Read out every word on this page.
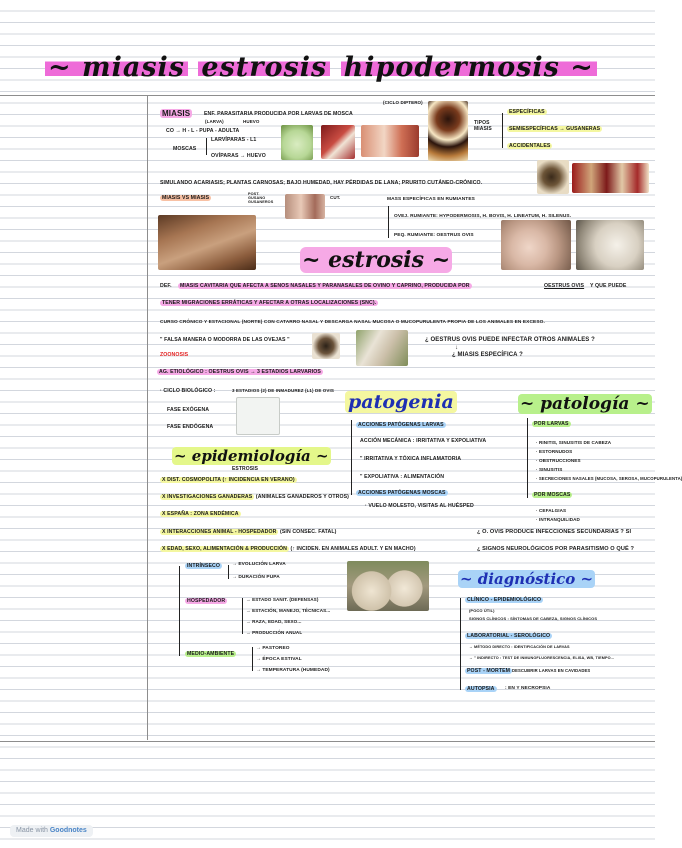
~ miasis estrosis hipodermosis ~
MIASIS	ENF. PARASITARIA PRODUCIDA POR LARVAS DE MOSCA
(LARVA)	HUEVO
(CICLO DIPTERO)
CO → H - L - PUPA - ADULTA
MOSCAS
LARVÍPARAS - L1
OVÍPARAS → HUEVO
TIPOS
MIASIS
ESPECÍFICAS
SEMIESPECÍFICAS → GUSANERAS
ACCIDENTALES
SIMULANDO ACARIASIS; PLANTAS CARNOSAS; BAJO HUMEDAD, HAY PÉRDIDAS DE LANA; PRURITO CUTÁNEO-CRÓNICO.
MIASIS VS MIASIS
POST.
GUSANO
GUSANEROS
CUT.	MASS ESPECÍFICAS EN RUMIANTES
OVEJ. RUMIANTE: HYPODERMOSIS, H. BOVIS, H. LINEATUM, H. SILENUS.
PEQ. RUMIANTE: OESTRUS OVIS
~ estrosis ~
DEF.	MIASIS CAVITARIA QUE AFECTA A SENOS NASALES Y PARANASALES DE OVINO Y CAPRINO, PRODUCIDA POR	OESTRUS OVIS Y QUE PUEDE
TENER MIGRACIONES ERRÁTICAS Y AFECTAR A OTRAS LOCALIZACIONES (SNC).
CURSO CRÓNICO Y ESTACIONAL (NORTE) CON CATARRO NASAL Y DESCARGA NASAL MUCOSA O MUCOPURULENTA PROPIA DE LOS ANIMALES EN EXCESO.
" FALSA MANERA O MODORRA DE LAS OVEJAS "
ZOONOSIS
AG. ETIOLÓGICO : OESTRUS OVIS → 3 ESTADIOS LARVARIOS
¿ OESTRUS OVIS PUEDE INFECTAR OTROS ANIMALES ?
↓
¿ MIASIS ESPECÍFICA ?
· CICLO BIOLÓGICO :	3 ESTADIOS (2) DE INMADUREZ (L1) DE OVIS
FASE EXÓGENA
FASE ENDÓGENA
patogenia
ACCIONES PATÓGENAS LARVAS
ACCIÓN MECÁNICA : IRRITATIVA Y EXPOLIATIVA
" IRRITATIVA Y TÓXICA INFLAMATORIA
" EXPOLIATIVA : ALIMENTACIÓN
ACCIONES PATÓGENAS MOSCAS
· VUELO MOLESTO, VISITAS AL HUÉSPED
~ patología ~
POR LARVAS
· RINITIS, SINUSITIS DE CABEZA
· ESTORNUDOS
· OBSTRUCCIONES
· SINUSITIS
· SECRECIONES NASALES (MUCOSA, SEROSA, MUCOPURULENTA)
POR MOSCAS
· CEFALGIAS
· INTRANQUILIDAD
~ epidemiología ~
ESTROSIS
X DIST. COSMOPOLITA (↑ INCIDENCIA EN VERANO)
X INVESTIGACIONES GANADERAS (ANIMALES GANADEROS Y OTROS)
X ESPAÑA : ZONA ENDÉMICA
X INTERACCIONES ANIMAL - HOSPEDADOR (SIN CONSEC. FATAL)
X EDAD, SEXO, ALIMENTACIÓN & PRODUCCIÓN (↑ INCIDEN. EN ANIMALES ADULT. Y EN MACHO)
¿ O. OVIS PRODUCE INFECCIONES SECUNDARIAS ? SI
¿ SIGNOS NEUROLÓGICOS POR PARASITISMO O QUÉ ?
INTRÍNSECO	→ EVOLUCIÓN LARVA
→ DURACIÓN PUPA
HOSPEDADOR	→ ESTADO SANIT. (DEFENSAS)
→ ESTACIÓN, MANEJO, TÉCNICAS...
→ RAZA, EDAD, SEXO...
→ PRODUCCIÓN ANUAL
MEDIO-AMBIENTE
→ PASTOREO
→ ÉPOCA ESTIVAL
→ TEMPERATURA (HUMEDAD)
~ diagnóstico ~
CLÍNICO - EPIDEMIOLÓGICO
(POCO ÚTIL)
SIGNOS CLÍNICOS : SÍNTOMAS DE CABEZA, SIGNOS CLÍNICOS
LABORATORIAL - SEROLÓGICO
→ MÉTODO DIRECTO : IDENTIFICACIÓN DE LARVAS
→ " INDIRECTO : TEST DE INMUNOFLUORESCENCIA, ELISA, WB, TIEMPO...
POST - MORTEM DESCUBRIR LARVAS EN CAVIDADES
AUTOPSIA	: EN Y NECROPSIA
Made with Goodnotes
